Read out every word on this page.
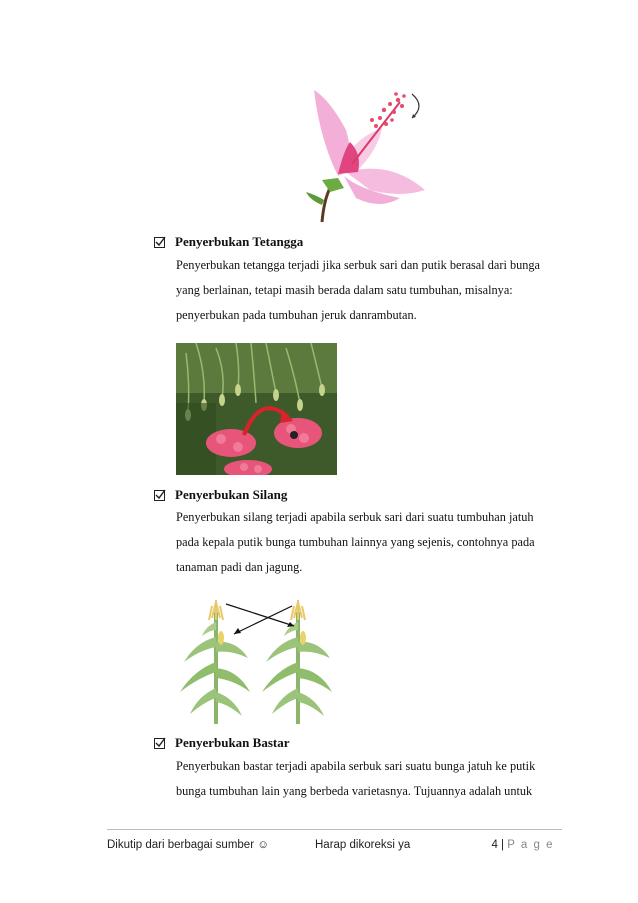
Penyerbukan Tetangga
Penyerbukan tetangga terjadi jika serbuk sari dan putik berasal dari bunga
yang berlainan, tetapi masih berada dalam satu tumbuhan, misalnya:
penyerbukan pada tumbuhan jeruk danrambutan.
Penyerbukan Silang
Penyerbukan silang terjadi apabila serbuk sari dari suatu tumbuhan jatuh
pada kepala putik bunga tumbuhan lainnya yang sejenis, contohnya pada
tanaman padi dan jagung.
Penyerbukan Bastar
Penyerbukan bastar terjadi apabila serbuk sari suatu bunga jatuh ke putik
bunga tumbuhan lain yang berbeda varietasnya. Tujuannya adalah untuk
Dikutip dari berbagai sumber ☺	Harap dikoreksi ya	4 | P a g e
